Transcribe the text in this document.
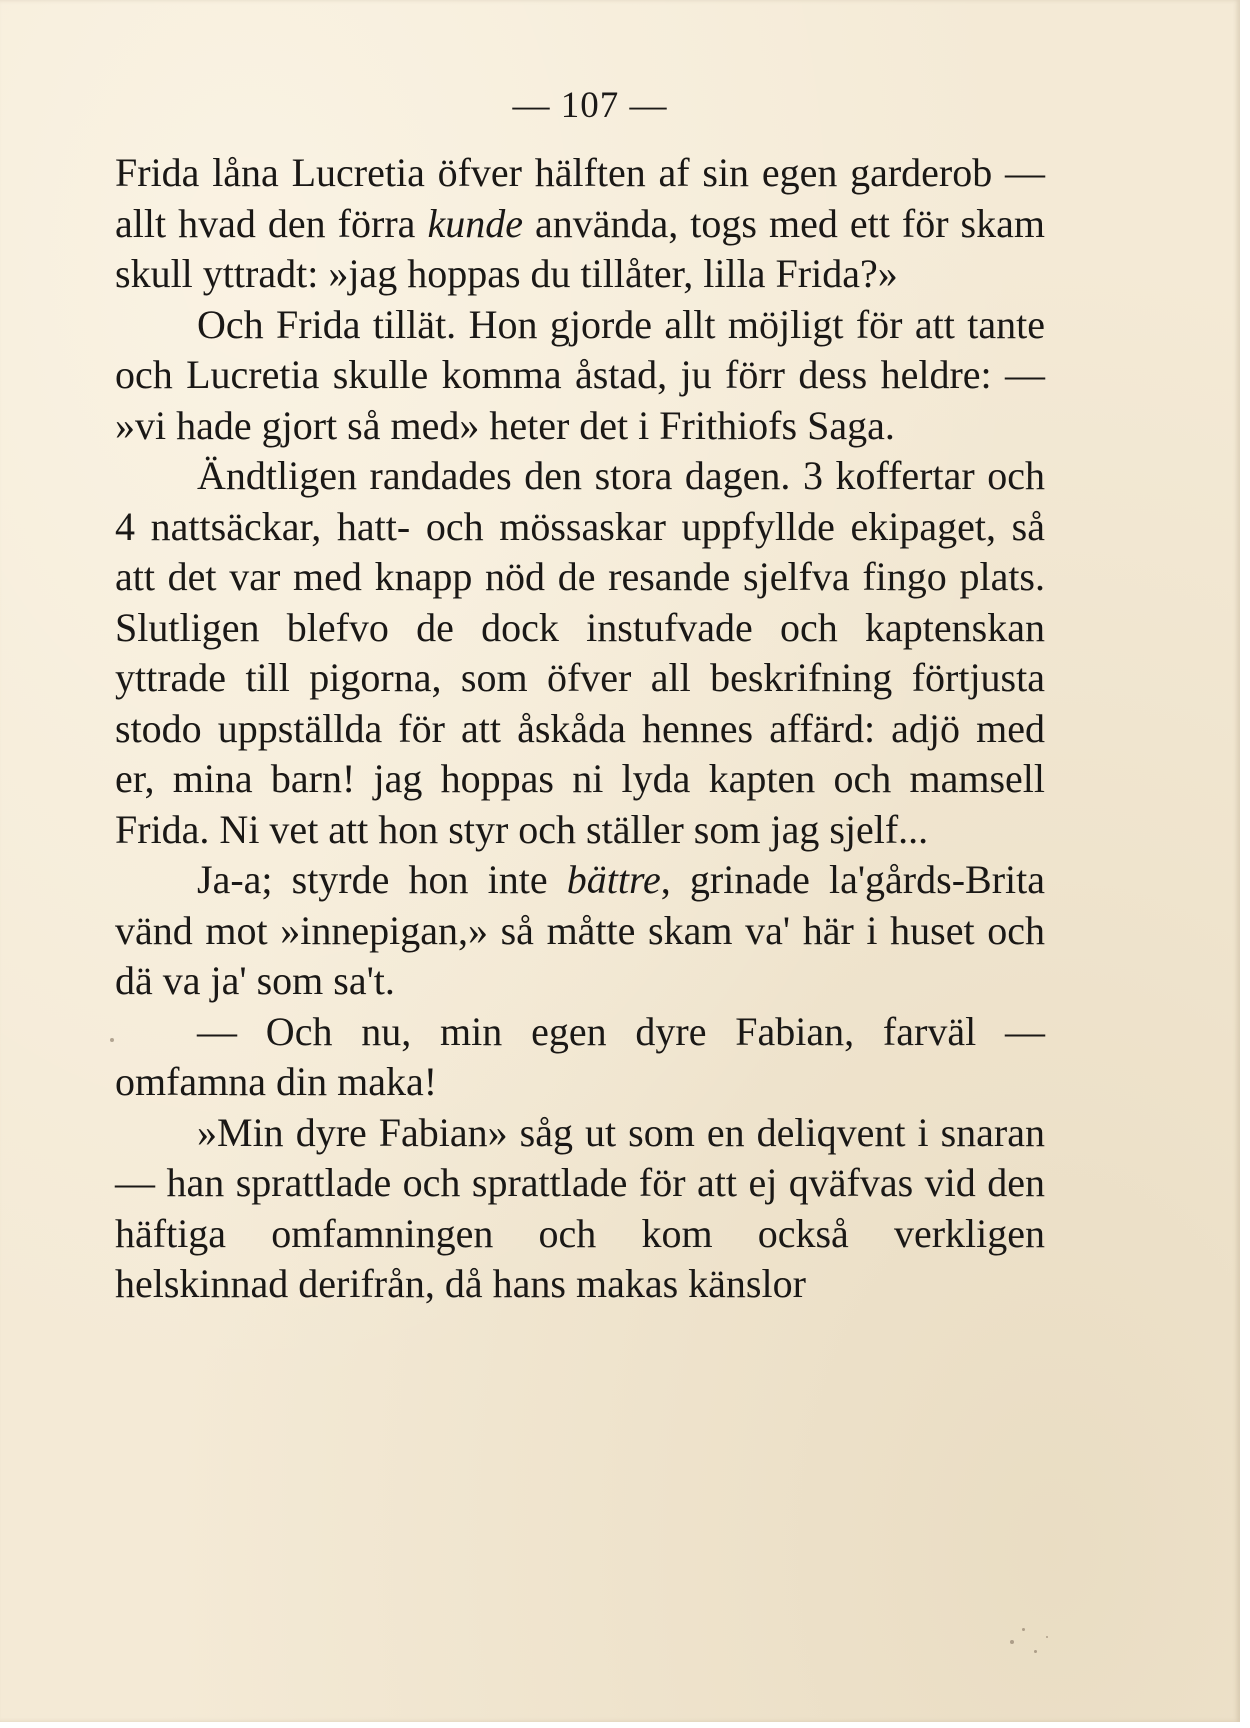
— 107 —

Frida låna Lucretia öfver hälften af sin egen garderob — allt hvad den förra kunde använda, togs med ett för skam skull yttradt: »jag hoppas du tillåter, lilla Frida?»

Och Frida tillät. Hon gjorde allt möjligt för att tante och Lucretia skulle komma åstad, ju förr dess heldre: — »vi hade gjort så med» heter det i Frithiofs Saga.

Ändtligen randades den stora dagen. 3 koffertar och 4 nattsäckar, hatt- och mössaskar uppfyllde ekipaget, så att det var med knapp nöd de resande sjelfva fingo plats. Slutligen blefvo de dock instufvade och kaptenskan yttrade till pigorna, som öfver all beskrifning förtjusta stodo uppställda för att åskåda hennes affärd: adjö med er, mina barn! jag hoppas ni lyda kapten och mamsell Frida. Ni vet att hon styr och ställer som jag sjelf...

Ja-a; styrde hon inte bättre, grinade la'gårds-Brita vänd mot »innepigan,» så måtte skam va' här i huset och dä va ja' som sa't.

— Och nu, min egen dyre Fabian, farväl — omfamna din maka!

»Min dyre Fabian» såg ut som en deliqvent i snaran — han sprattlade och sprattlade för att ej qväfvas vid den häftiga omfamningen och kom också verkligen helskinnad derifrån, då hans makas känslor
